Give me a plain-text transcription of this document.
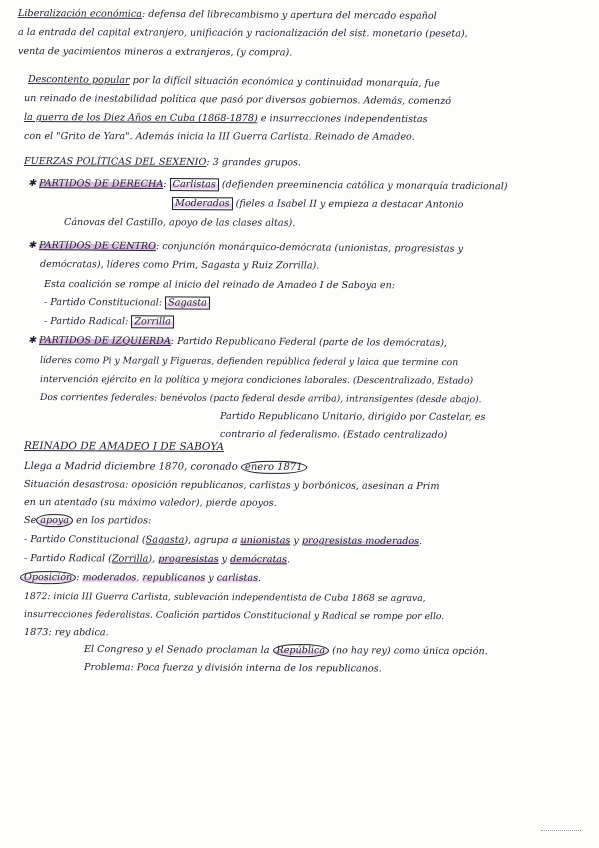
Liberalización económica: defensa del librecambismo y apertura del mercado español
a la entrada del capital extranjero, unificación y racionalización del sist. monetario (peseta),
venta de yacimientos mineros a extranjeros, (y compra).
Descontento popular por la difícil situación económica y continuidad monarquía, fue
un reinado de inestabilidad política que pasó por diversos gobiernos. Además, comenzó
la guerra de los Diez Años en Cuba (1868-1878) e insurrecciones independentistas
con el "Grito de Yara". Además inicia la III Guerra Carlista. Reinado de Amadeo.
FUERZAS POLÍTICAS DEL SEXENIO: 3 grandes grupos.
✱ PARTIDOS DE DERECHA: Carlistas (defienden preeminencia católica y monarquía tradicional)
Moderados (fieles a Isabel II y empieza a destacar Antonio
Cánovas del Castillo, apoyo de las clases altas).
✱ PARTIDOS DE CENTRO: conjunción monárquico-demócrata (unionistas, progresistas y
demócratas), líderes como Prim, Sagasta y Ruiz Zorrilla).
Esta coalición se rompe al inicio del reinado de Amadeo I de Saboya en:
- Partido Constitucional: Sagasta
- Partido Radical: Zorrilla
✱ PARTIDOS DE IZQUIERDA: Partido Republicano Federal (parte de los demócratas),
líderes como Pi y Margall y Figueras, defienden república federal y laica que termine con
intervención ejército en la política y mejora condiciones laborales. (Descentralizado, Estado)
Dos corrientes federales: benévolos (pacto federal desde arriba), intransigentes (desde abajo).
Partido Republicano Unitario, dirigido por Castelar, es
contrario al federalismo. (Estado centralizado)
REINADO DE AMADEO I DE SABOYA
Llega a Madrid diciembre 1870, coronado enero 1871
Situación desastrosa: oposición republicanos, carlistas y borbónicos, asesinan a Prim
en un atentado (su máximo valedor), pierde apoyos.
Se apoya en los partidos:
- Partido Constitucional (Sagasta), agrupa a unionistas y progresistas moderados.
- Partido Radical (Zorrilla), progresistas y demócratas.
Oposición : moderados, republicanos y carlistas.
1872: inicia III Guerra Carlista, sublevación independentista de Cuba 1868 se agrava,
insurrecciones federalistas. Coalición partidos Constitucional y Radical se rompe por ello.
1873: rey abdica.
El Congreso y el Senado proclaman la República (no hay rey) como única opción.
Problema: Poca fuerza y división interna de los republicanos.
